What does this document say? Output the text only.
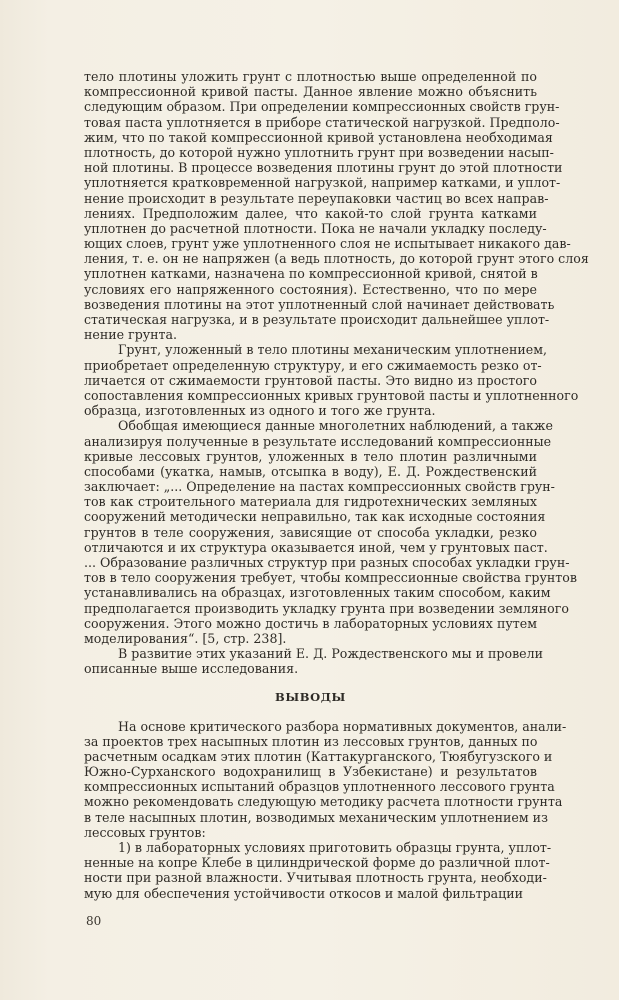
тело плотины уложить грунт с плотностью выше определенной по
компрессионной кривой пасты. Данное явление можно объяснить
следующим образом. При определении компрессионных свойств грун-
товая паста уплотняется в приборе статической нагрузкой. Предполо-
жим, что по такой компрессионной кривой установлена необходимая
плотность, до которой нужно уплотнить грунт при возведении насып-
ной плотины. В процессе возведения плотины грунт до этой плотности
уплотняется кратковременной нагрузкой, например катками, и уплот-
нение происходит в результате переупаковки частиц во всех направ-
лениях. Предположим далее, что какой-то слой грунта катками
уплотнен до расчетной плотности. Пока не начали укладку последу-
ющих слоев, грунт уже уплотненного слоя не испытывает никакого дав-
ления, т. е. он не напряжен (а ведь плотность, до которой грунт этого слоя
уплотнен катками, назначена по компрессионной кривой, снятой в
условиях его напряженного состояния). Естественно, что по мере
возведения плотины на этот уплотненный слой начинает действовать
статическая нагрузка, и в результате происходит дальнейшее уплот-
нение грунта.
Грунт, уложенный в тело плотины механическим уплотнением,
приобретает определенную структуру, и его сжимаемость резко от-
личается от сжимаемости грунтовой пасты. Это видно из простого
сопоставления компрессионных кривых грунтовой пасты и уплотненного
образца, изготовленных из одного и того же грунта.
Обобщая имеющиеся данные многолетних наблюдений, а также
анализируя полученные в результате исследований компрессионные
кривые лессовых грунтов, уложенных в тело плотин различными
способами (укатка, намыв, отсыпка в воду), Е. Д. Рождественский
заключает: „... Определение на пастах компрессионных свойств грун-
тов как строительного материала для гидротехнических земляных
сооружений методически неправильно, так как исходные состояния
грунтов в теле сооружения, зависящие от способа укладки, резко
отличаются и их структура оказывается иной, чем у грунтовых паст.
... Образование различных структур при разных способах укладки грун-
тов в тело сооружения требует, чтобы компрессионные свойства грунтов
устанавливались на образцах, изготовленных таким способом, каким
предполагается производить укладку грунта при возведении земляного
сооружения. Этого можно достичь в лабораторных условиях путем
моделирования“. [5, стр. 238].
В развитие этих указаний Е. Д. Рождественского мы и провели
описанные выше исследования.
ВЫВОДЫ
На основе критического разбора нормативных документов, анали-
за проектов трех насыпных плотин из лессовых грунтов, данных по
расчетным осадкам этих плотин (Каттакурганского, Тюябугузского и
Южно-Сурханского водохранилищ в Узбекистане) и результатов
компрессионных испытаний образцов уплотненного лессового грунта
можно рекомендовать следующую методику расчета плотности грунта
в теле насыпных плотин, возводимых механическим уплотнением из
лессовых грунтов:
1) в лабораторных условиях приготовить образцы грунта, уплот-
ненные на копре Клебе в цилиндрической форме до различной плот-
ности при разной влажности. Учитывая плотность грунта, необходи-
мую для обеспечения устойчивости откосов и малой фильтрации
80
